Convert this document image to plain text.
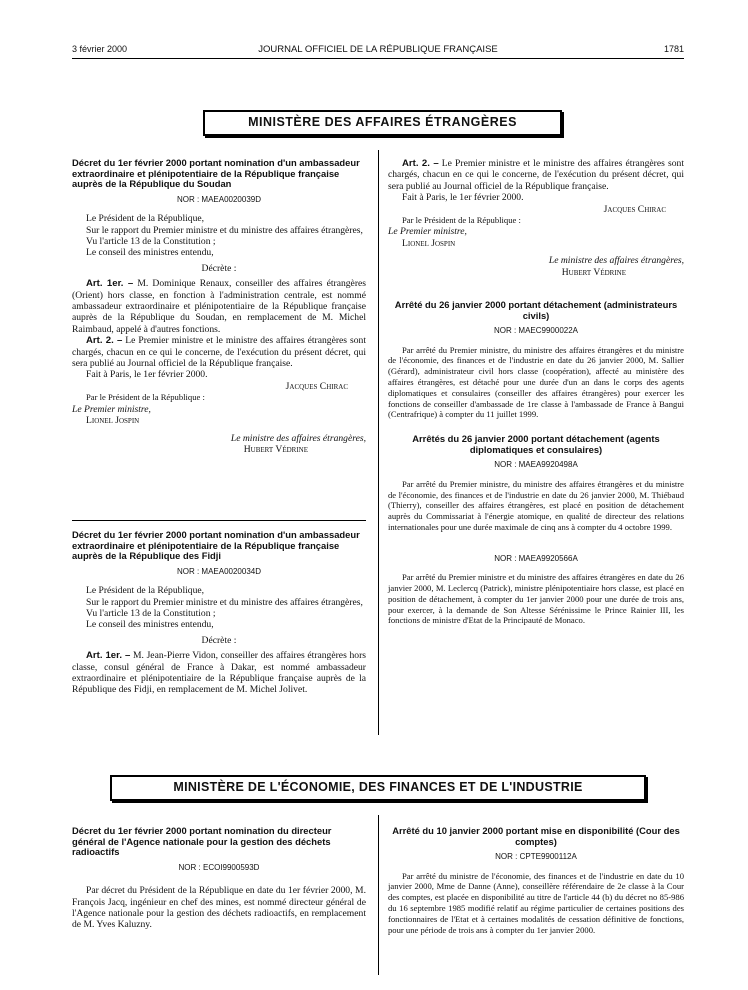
3 février 2000	JOURNAL OFFICIEL DE LA RÉPUBLIQUE FRANÇAISE	1781
MINISTÈRE DES AFFAIRES ÉTRANGÈRES
Décret du 1er février 2000 portant nomination d'un ambassadeur extraordinaire et plénipotentiaire de la République française auprès de la République du Soudan
NOR : MAEA0020039D

Le Président de la République,

Sur le rapport du Premier ministre et du ministre des affaires étrangères,

Vu l'article 13 de la Constitution ;

Le conseil des ministres entendu,

Décrète :

Art. 1er. – M. Dominique Renaux, conseiller des affaires étrangères (Orient) hors classe, en fonction à l'administration centrale, est nommé ambassadeur extraordinaire et plénipotentiaire de la République française auprès de la République du Soudan, en remplacement de M. Michel Raimbaud, appelé à d'autres fonctions.

Art. 2. – Le Premier ministre et le ministre des affaires étrangères sont chargés, chacun en ce qui le concerne, de l'exécution du présent décret, qui sera publié au Journal officiel de la République française.

Fait à Paris, le 1er février 2000.

Jacques Chirac

Par le Président de la République :

Le Premier ministre,

Lionel Jospin

Le ministre des affaires étrangères,

Hubert Védrine

Décret du 1er février 2000 portant nomination d'un ambassadeur extraordinaire et plénipotentiaire de la République française auprès de la République des Fidji
NOR : MAEA0020034D

Le Président de la République,

Sur le rapport du Premier ministre et du ministre des affaires étrangères,

Vu l'article 13 de la Constitution ;

Le conseil des ministres entendu,

Décrète :

Art. 1er. – M. Jean-Pierre Vidon, conseiller des affaires étrangères hors classe, consul général de France à Dakar, est nommé ambassadeur extraordinaire et plénipotentiaire de la République française auprès de la République des Fidji, en remplacement de M. Michel Jolivet.

Art. 2. – Le Premier ministre et le ministre des affaires étrangères sont chargés, chacun en ce qui le concerne, de l'exécution du présent décret, qui sera publié au Journal officiel de la République française.

Fait à Paris, le 1er février 2000.

Jacques Chirac

Par le Président de la République :

Le Premier ministre,

Lionel Jospin

Le ministre des affaires étrangères,

Hubert Védrine

Arrêté du 26 janvier 2000 portant détachement (administrateurs civils)
NOR : MAEC9900022A

Par arrêté du Premier ministre, du ministre des affaires étrangères et du ministre de l'économie, des finances et de l'industrie en date du 26 janvier 2000, M. Sallier (Gérard), administrateur civil hors classe (coopération), affecté au ministère des affaires étrangères, est détaché pour une durée d'un an dans le corps des agents diplomatiques et consulaires (conseiller des affaires étrangères) pour exercer les fonctions de conseiller d'ambassade de 1re classe à l'ambassade de France à Bangui (Centrafrique) à compter du 11 juillet 1999.

Arrêtés du 26 janvier 2000 portant détachement (agents diplomatiques et consulaires)
NOR : MAEA9920498A

Par arrêté du Premier ministre, du ministre des affaires étrangères et du ministre de l'économie, des finances et de l'industrie en date du 26 janvier 2000, M. Thiébaud (Thierry), conseiller des affaires étrangères, est placé en position de détachement auprès du Commissariat à l'énergie atomique, en qualité de directeur des relations internationales pour une durée maximale de cinq ans à compter du 4 octobre 1999.

NOR : MAEA9920566A

Par arrêté du Premier ministre et du ministre des affaires étrangères en date du 26 janvier 2000, M. Leclercq (Patrick), ministre plénipotentiaire hors classe, est placé en position de détachement, à compter du 1er janvier 2000 pour une durée de trois ans, pour exercer, à la demande de Son Altesse Sérénissime le Prince Rainier III, les fonctions de ministre d'Etat de la Principauté de Monaco.

MINISTÈRE DE L'ÉCONOMIE, DES FINANCES ET DE L'INDUSTRIE
Décret du 1er février 2000 portant nomination du directeur général de l'Agence nationale pour la gestion des déchets radioactifs
NOR : ECOI9900593D

Par décret du Président de la République en date du 1er février 2000, M. François Jacq, ingénieur en chef des mines, est nommé directeur général de l'Agence nationale pour la gestion des déchets radioactifs, en remplacement de M. Yves Kaluzny.

Arrêté du 10 janvier 2000 portant mise en disponibilité (Cour des comptes)
NOR : CPTE9900112A

Par arrêté du ministre de l'économie, des finances et de l'industrie en date du 10 janvier 2000, Mme de Danne (Anne), conseillère référendaire de 2e classe à la Cour des comptes, est placée en disponibilité au titre de l'article 44 (b) du décret no 85-986 du 16 septembre 1985 modifié relatif au régime particulier de certaines positions des fonctionnaires de l'Etat et à certaines modalités de cessation définitive de fonctions, pour une période de trois ans à compter du 1er janvier 2000.
